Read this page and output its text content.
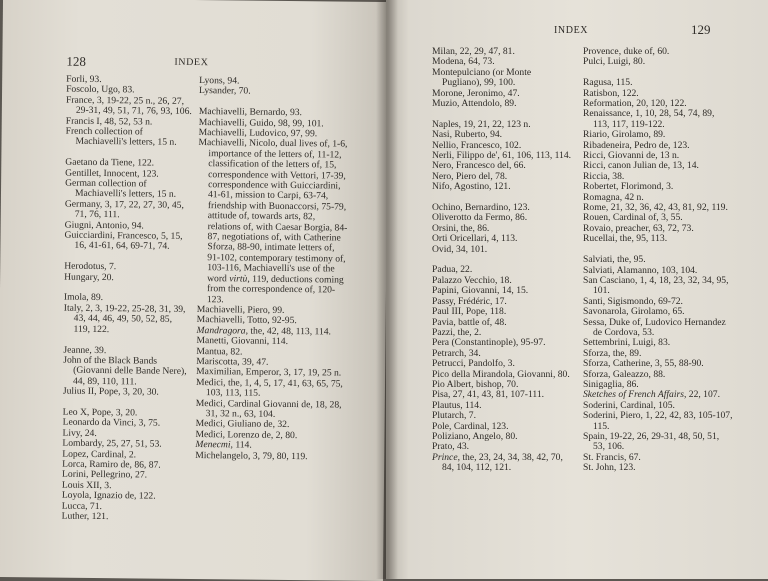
128	INDEX
Forli, 93.
Foscolo, Ugo, 83.
France, 3, 19-22, 25 n., 26, 27, 29-31, 49, 51, 71, 76, 93, 106.
Francis I, 48, 52, 53 n.
French collection of Machiavelli's letters, 15 n.
Gaetano da Tiene, 122.
Gentillet, Innocent, 123.
German collection of Machiavelli's letters, 15 n.
Germany, 3, 17, 22, 27, 30, 45, 71, 76, 111.
Giugni, Antonio, 94.
Guicciardini, Francesco, 5, 15, 16, 41-61, 64, 69-71, 74.
Herodotus, 7.
Hungary, 20.
Imola, 89.
Italy, 2, 3, 19-22, 25-28, 31, 39, 43, 44, 46, 49, 50, 52, 85, 119, 122.
Jeanne, 39.
John of the Black Bands (Giovanni delle Bande Nere), 44, 89, 110, 111.
Julius II, Pope, 3, 20, 30.
Leo X, Pope, 3, 20.
Leonardo da Vinci, 3, 75.
Livy, 24.
Lombardy, 25, 27, 51, 53.
Lopez, Cardinal, 2.
Lorca, Ramiro de, 86, 87.
Lorini, Pellegrino, 27.
Louis XII, 3.
Loyola, Ignazio de, 122.
Lucca, 71.
Luther, 121.
Lyons, 94.
Lysander, 70.
Machiavelli, Bernardo, 93.
Machiavelli, Guido, 98, 99, 101.
Machiavelli, Ludovico, 97, 99.
Machiavelli, Nicolo, dual lives of, 1-6, importance of the letters of, 11-12, classification of the letters of, 15, correspondence with Vettori, 17-39, correspondence with Guicciardini, 41-61, mission to Carpi, 63-74, friendship with Buonaccorsi, 75-79, attitude of, towards arts, 82, relations of, with Caesar Borgia, 84-87, negotiations of, with Catherine Sforza, 88-90, intimate letters of, 91-102, contemporary testimony of, 103-116, Machiavelli's use of the word virtù, 119, deductions coming from the correspondence of, 120-123.
Machiavelli, Piero, 99.
Machiavelli, Totto, 92-95.
Mandragora, the, 42, 48, 113, 114.
Manetti, Giovanni, 114.
Mantua, 82.
Mariscotta, 39, 47.
Maximilian, Emperor, 3, 17, 19, 25 n.
Medici, the, 1, 4, 5, 17, 41, 63, 65, 75, 103, 113, 115.
Medici, Cardinal Giovanni de, 18, 28, 31, 32 n., 63, 104.
Medici, Giuliano de, 32.
Medici, Lorenzo de, 2, 80.
Menecmi, 114.
Michelangelo, 3, 79, 80, 119.
INDEX	129
Milan, 22, 29, 47, 81.
Modena, 64, 73.
Montepulciano (or Monte Pugliano), 99, 100.
Morone, Jeronimo, 47.
Muzio, Attendolo, 89.
Naples, 19, 21, 22, 123 n.
Nasi, Ruberto, 94.
Nellio, Francesco, 102.
Nerli, Filippo de', 61, 106, 113, 114.
Nero, Francesco del, 66.
Nero, Piero del, 78.
Nifo, Agostino, 121.
Ochino, Bernardino, 123.
Oliverotto da Fermo, 86.
Orsini, the, 86.
Orti Oricellari, 4, 113.
Ovid, 34, 101.
Padua, 22.
Palazzo Vecchio, 18.
Papini, Giovanni, 14, 15.
Passy, Frédéric, 17.
Paul III, Pope, 118.
Pavia, battle of, 48.
Pazzi, the, 2.
Pera (Constantinople), 95-97.
Petrarch, 34.
Petrucci, Pandolfo, 3.
Pico della Mirandola, Giovanni, 80.
Pio Albert, bishop, 70.
Pisa, 27, 41, 43, 81, 107-111.
Plautus, 114.
Plutarch, 7.
Pole, Cardinal, 123.
Poliziano, Angelo, 80.
Prato, 43.
Prince, the, 23, 24, 34, 38, 42, 70, 84, 104, 112, 121.
Provence, duke of, 60.
Pulci, Luigi, 80.
Ragusa, 115.
Ratisbon, 122.
Reformation, 20, 120, 122.
Renaissance, 1, 10, 28, 54, 74, 89, 113, 117, 119-122.
Riario, Girolamo, 89.
Ribadeneira, Pedro de, 123.
Ricci, Giovanni de, 13 n.
Ricci, canon Julian de, 13, 14.
Riccia, 38.
Robertet, Florimond, 3.
Romagna, 42 n.
Rome, 21, 32, 36, 42, 43, 81, 92, 119.
Rouen, Cardinal of, 3, 55.
Rovaio, preacher, 63, 72, 73.
Rucellai, the, 95, 113.
Salviati, the, 95.
Salviati, Alamanno, 103, 104.
San Casciano, 1, 4, 18, 23, 32, 34, 95, 101.
Santi, Sigismondo, 69-72.
Savonarola, Girolamo, 65.
Sessa, Duke of, Ludovico Hernandez de Cordova, 53.
Settembrini, Luigi, 83.
Sforza, the, 89.
Sforza, Catherine, 3, 55, 88-90.
Sforza, Galeazzo, 88.
Sinigaglia, 86.
Sketches of French Affairs, 22, 107.
Soderini, Cardinal, 105.
Soderini, Piero, 1, 22, 42, 83, 105-107, 115.
Spain, 19-22, 26, 29-31, 48, 50, 51, 53, 106.
St. Francis, 67.
St. John, 123.
